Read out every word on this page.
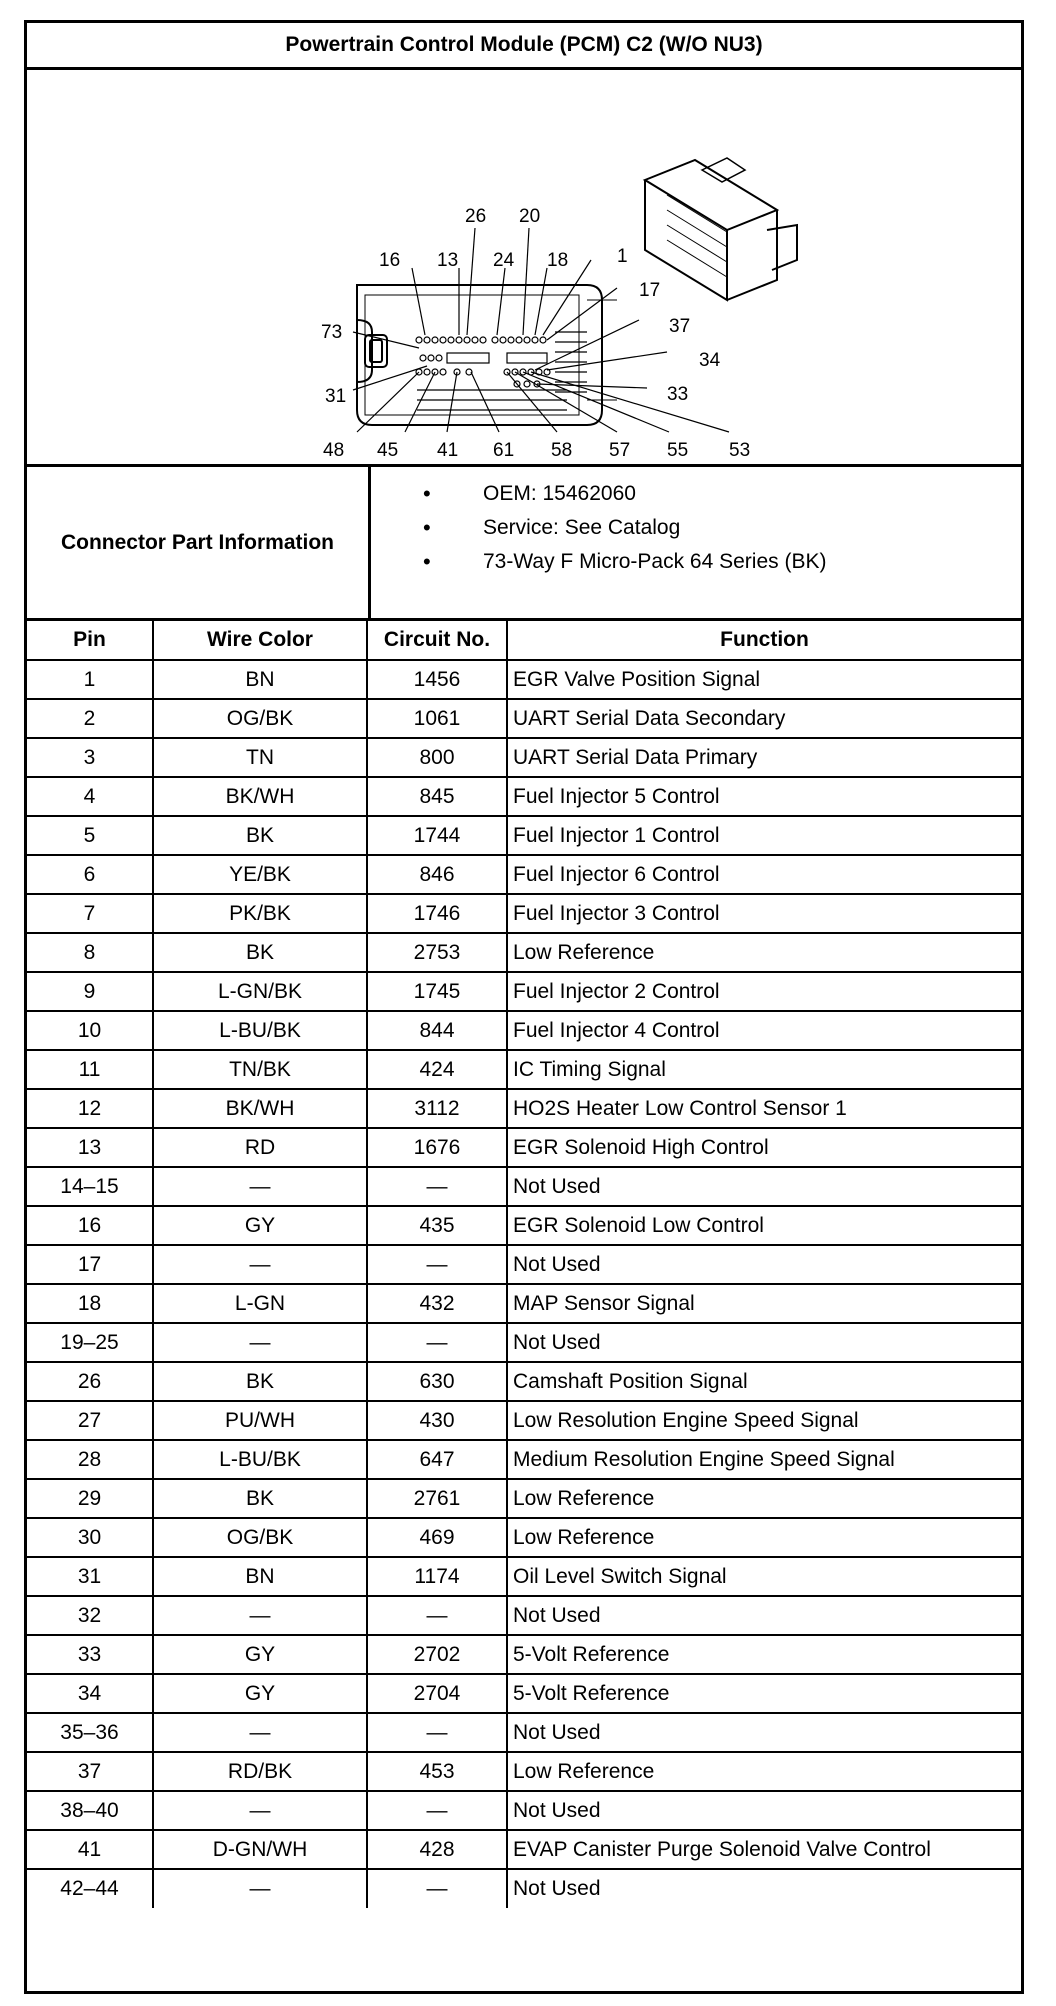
Powertrain Control Module (PCM) C2 (W/O NU3)
26 20
16 13 24 18	1
17
37
73
34
33
31
48 45 41 61 58 57 55 53
Connector Part Information
•	OEM: 15462060
•	Service: See Catalog
•	73-Way F Micro-Pack 64 Series (BK)
Pin	Wire Color	Circuit No.	Function
1	BN	1456	EGR Valve Position Signal
2	OG/BK	1061	UART Serial Data Secondary
3	TN	800	UART Serial Data Primary
4	BK/WH	845	Fuel Injector 5 Control
5	BK	1744	Fuel Injector 1 Control
6	YE/BK	846	Fuel Injector 6 Control
7	PK/BK	1746	Fuel Injector 3 Control
8	BK	2753	Low Reference
9	L-GN/BK	1745	Fuel Injector 2 Control
10	L-BU/BK	844	Fuel Injector 4 Control
11	TN/BK	424	IC Timing Signal
12	BK/WH	3112	HO2S Heater Low Control Sensor 1
13	RD	1676	EGR Solenoid High Control
14–15	—	—	Not Used
16	GY	435	EGR Solenoid Low Control
17	—	—	Not Used
18	L-GN	432	MAP Sensor Signal
19–25	—	—	Not Used
26	BK	630	Camshaft Position Signal
27	PU/WH	430	Low Resolution Engine Speed Signal
28	L-BU/BK	647	Medium Resolution Engine Speed Signal
29	BK	2761	Low Reference
30	OG/BK	469	Low Reference
31	BN	1174	Oil Level Switch Signal
32	—	—	Not Used
33	GY	2702	5-Volt Reference
34	GY	2704	5-Volt Reference
35–36	—	—	Not Used
37	RD/BK	453	Low Reference
38–40	—	—	Not Used
41	D-GN/WH	428	EVAP Canister Purge Solenoid Valve Control
42–44	—	—	Not Used
